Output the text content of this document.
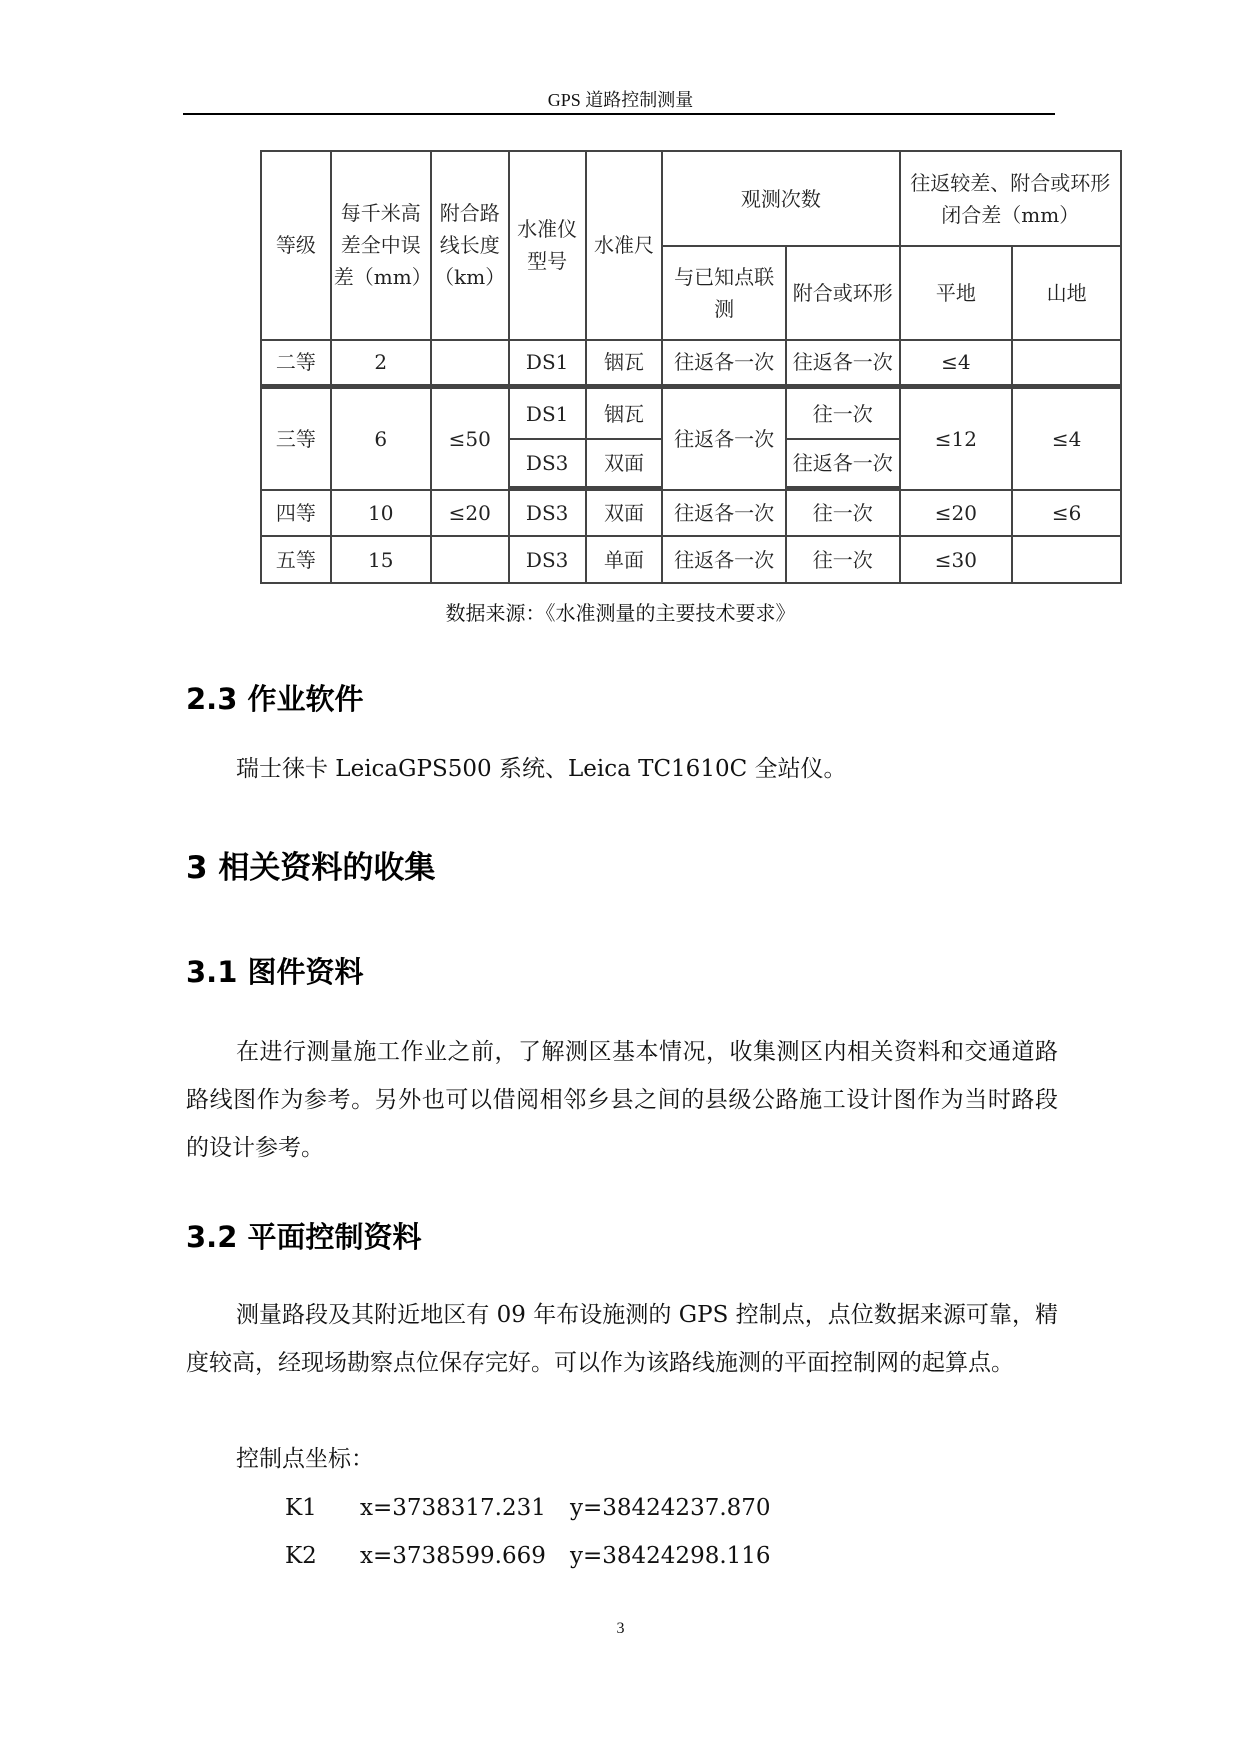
GPS 道路控制测量
等级	每千米高差全中误差（mm）	附合路线长度（km）	水准仪型号	水准尺	观测次数		往返较差、附合或环形闭合差（mm）	
					与已知点联测	附合或环形	平地	山地
二等	2		DS1	铟瓦	往返各一次	往返各一次	≤4	
三等	6	≤50	DS1	铟瓦	往返各一次	往一次	≤12	≤4
			DS3	双面		往返各一次		
四等	10	≤20	DS3	双面	往返各一次	往一次	≤20	≤6
五等	15		DS3	单面	往返各一次	往一次	≤30	
数据来源：《水准测量的主要技术要求》
2.3 作业软件

瑞士徕卡 LeicaGPS500 系统、Leica TC1610C 全站仪。

3 相关资料的收集
3.1 图件资料

在进行测量施工作业之前，了解测区基本情况，收集测区内相关资料和交通道路路线图作为参考。另外也可以借阅相邻乡县之间的县级公路施工设计图作为当时路段的设计参考。

3.2 平面控制资料

测量路段及其附近地区有 09 年布设施测的 GPS 控制点，点位数据来源可靠，精度较高，经现场勘察点位保存完好。可以作为该路线施测的平面控制网的起算点。

控制点坐标：

K1 x=3738317.231 y=38424237.870
K2 x=3738599.669 y=38424298.116
3
